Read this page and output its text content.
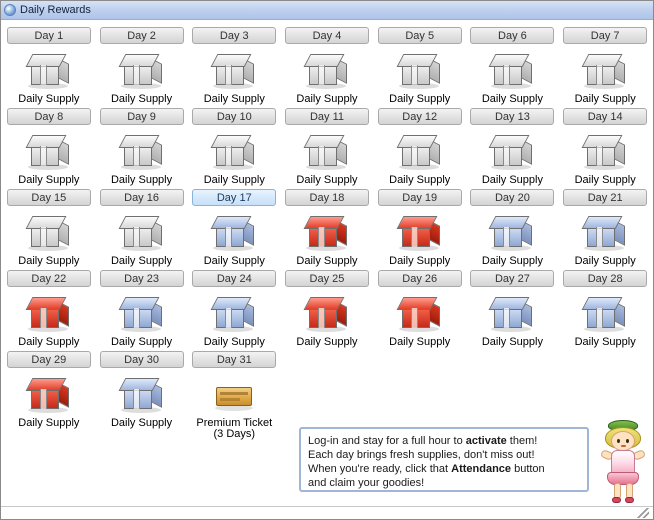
Daily Rewards
Day 1
Daily Supply
Day 2
Daily Supply
Day 3
Daily Supply
Day 4
Daily Supply
Day 5
Daily Supply
Day 6
Daily Supply
Day 7
Daily Supply
Day 8
Daily Supply
Day 9
Daily Supply
Day 10
Daily Supply
Day 11
Daily Supply
Day 12
Daily Supply
Day 13
Daily Supply
Day 14
Daily Supply
Day 15
Daily Supply
Day 16
Daily Supply
Day 17
Daily Supply
Day 18
Daily Supply
Day 19
Daily Supply
Day 20
Daily Supply
Day 21
Daily Supply
Day 22
Daily Supply
Day 23
Daily Supply
Day 24
Daily Supply
Day 25
Daily Supply
Day 26
Daily Supply
Day 27
Daily Supply
Day 28
Daily Supply
Day 29
Daily Supply
Day 30
Daily Supply
Day 31
Premium Ticket
(3 Days)
Log-in and stay for a full hour to activate them!
Each day brings fresh supplies, don't miss out!
When you're ready, click that Attendance button
and claim your goodies!
